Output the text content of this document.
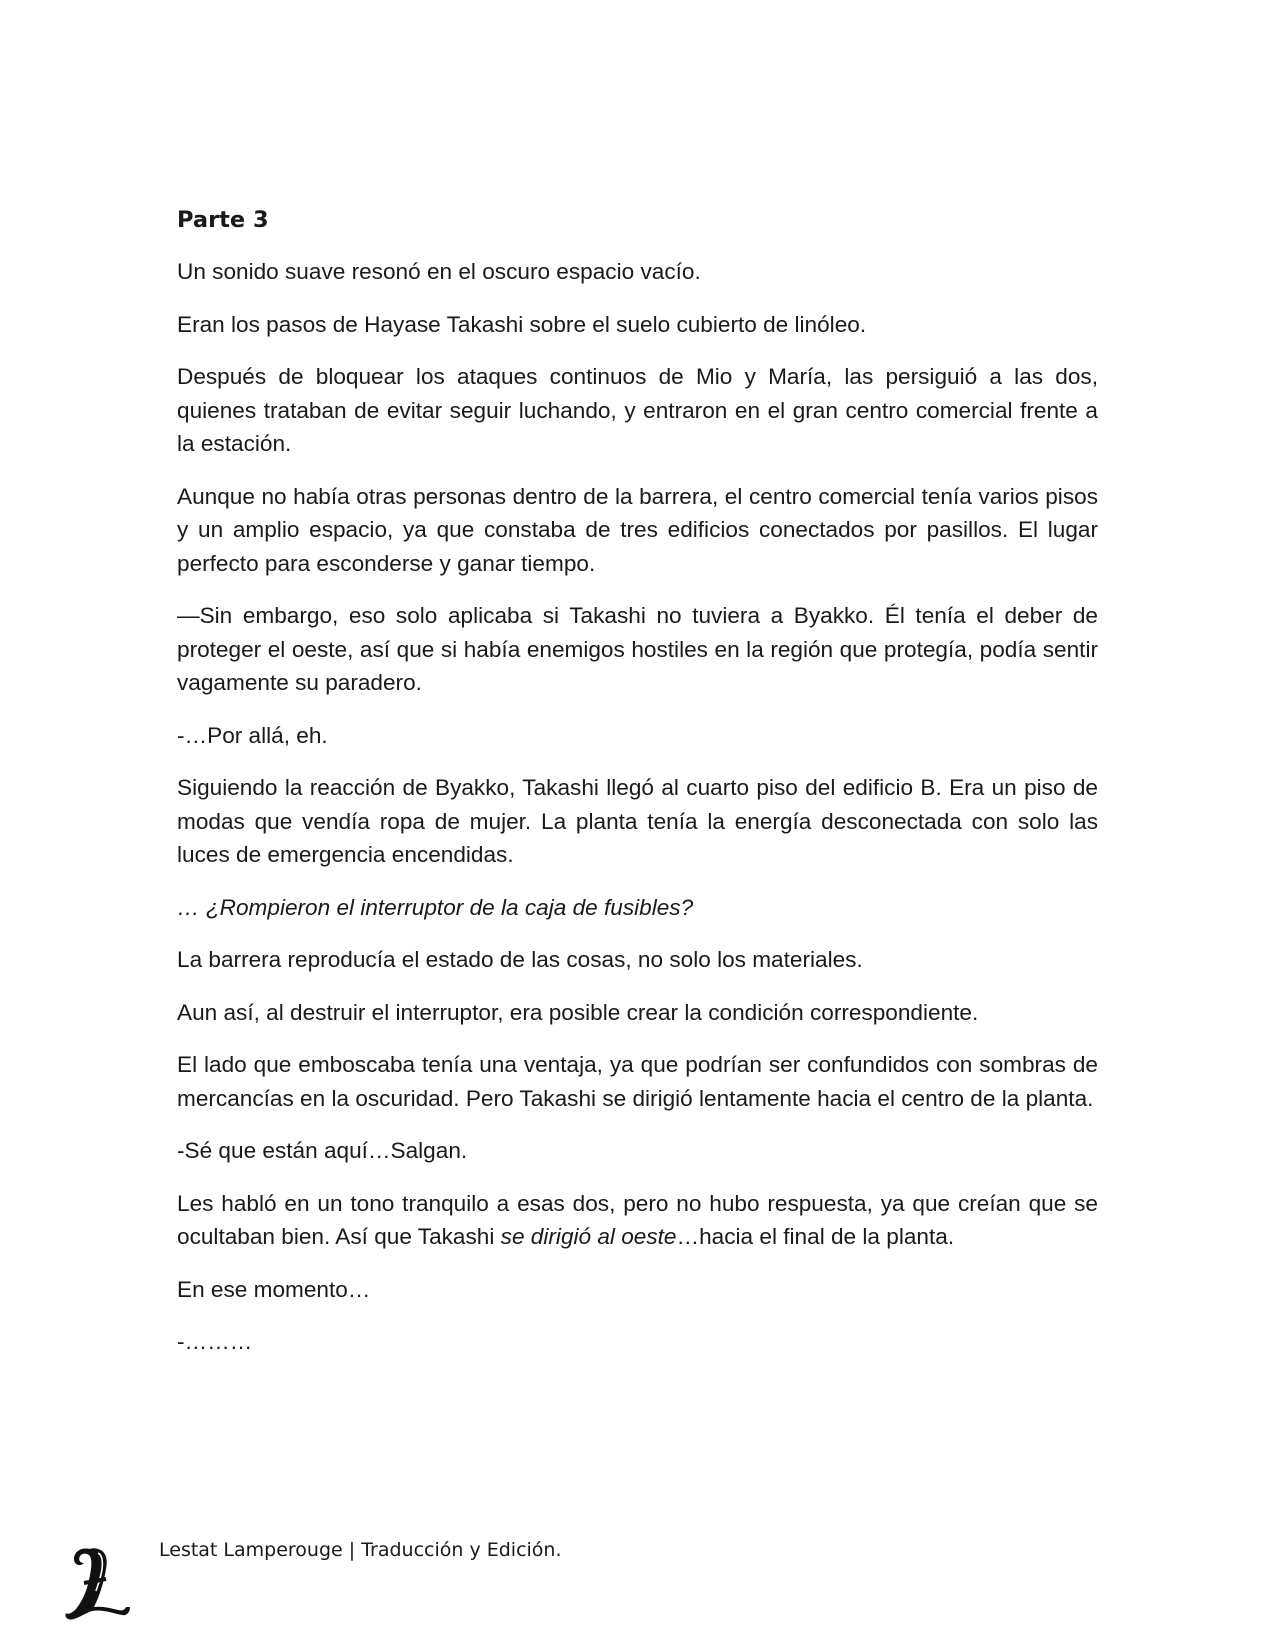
Parte 3

Un sonido suave resonó en el oscuro espacio vacío.

Eran los pasos de Hayase Takashi sobre el suelo cubierto de linóleo.

Después de bloquear los ataques continuos de Mio y María, las persiguió a las dos, quienes trataban de evitar seguir luchando, y entraron en el gran centro comercial frente a la estación.

Aunque no había otras personas dentro de la barrera, el centro comercial tenía varios pisos y un amplio espacio, ya que constaba de tres edificios conectados por pasillos. El lugar perfecto para esconderse y ganar tiempo.

—Sin embargo, eso solo aplicaba si Takashi no tuviera a Byakko. Él tenía el deber de proteger el oeste, así que si había enemigos hostiles en la región que protegía, podía sentir vagamente su paradero.

-…Por allá, eh.

Siguiendo la reacción de Byakko, Takashi llegó al cuarto piso del edificio B. Era un piso de modas que vendía ropa de mujer. La planta tenía la energía desconectada con solo las luces de emergencia encendidas.

… ¿Rompieron el interruptor de la caja de fusibles?

La barrera reproducía el estado de las cosas, no solo los materiales.

Aun así, al destruir el interruptor, era posible crear la condición correspondiente.

El lado que emboscaba tenía una ventaja, ya que podrían ser confundidos con sombras de mercancías en la oscuridad. Pero Takashi se dirigió lentamente hacia el centro de la planta.

-Sé que están aquí…Salgan.

Les habló en un tono tranquilo a esas dos, pero no hubo respuesta, ya que creían que se ocultaban bien. Así que Takashi se dirigió al oeste…hacia el final de la planta.

En ese momento…

-………

Lestat Lamperouge | Traducción y Edición.
